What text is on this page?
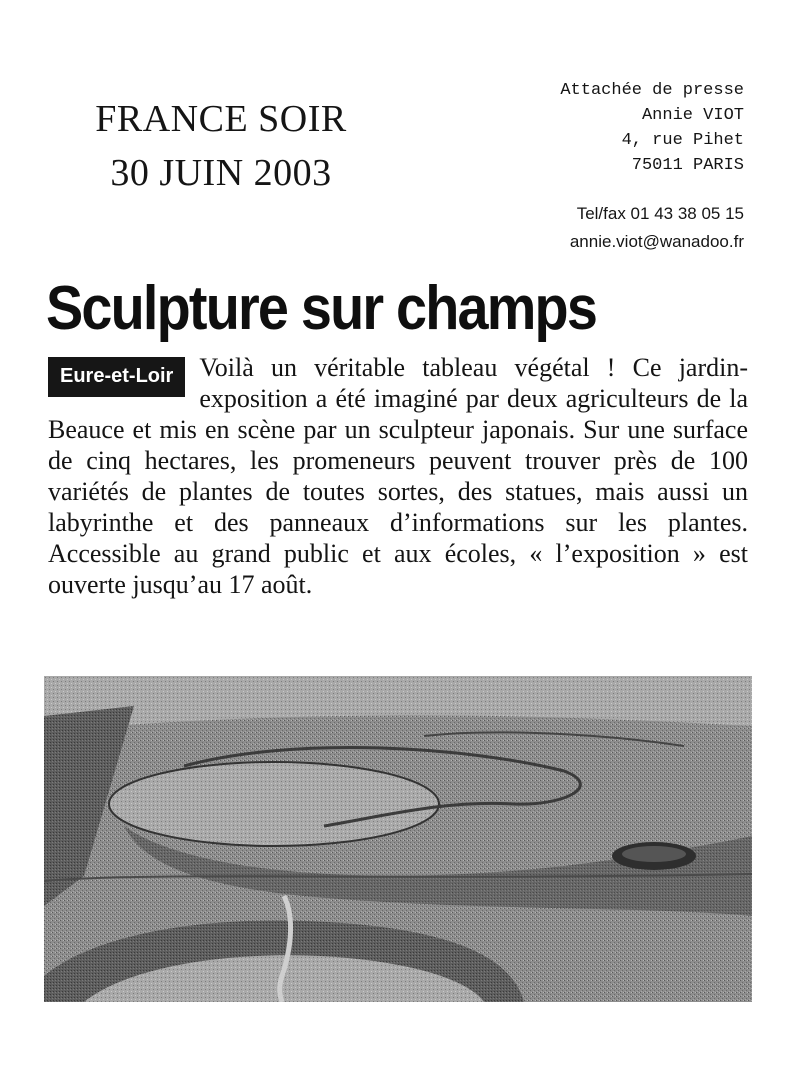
FRANCE SOIR
30 JUIN 2003
Attachée de presse
Annie VIOT
4, rue Pihet
75011 PARIS
Tel/fax 01 43 38 05 15
annie.viot@wanadoo.fr
Sculpture sur champs
Eure-et-Loir	Voilà un véritable tableau végétal ! Ce jardin-exposition a été imaginé par deux agriculteurs de la Beauce et mis en scène par un sculpteur japonais. Sur une surface de cinq hectares, les promeneurs peuvent trouver près de 100 variétés de plantes de toutes sortes, des statues, mais aussi un labyrinthe et des panneaux d’informations sur les plantes. Accessible au grand public et aux écoles, « l’exposition » est ouverte jusqu’au 17 août.
